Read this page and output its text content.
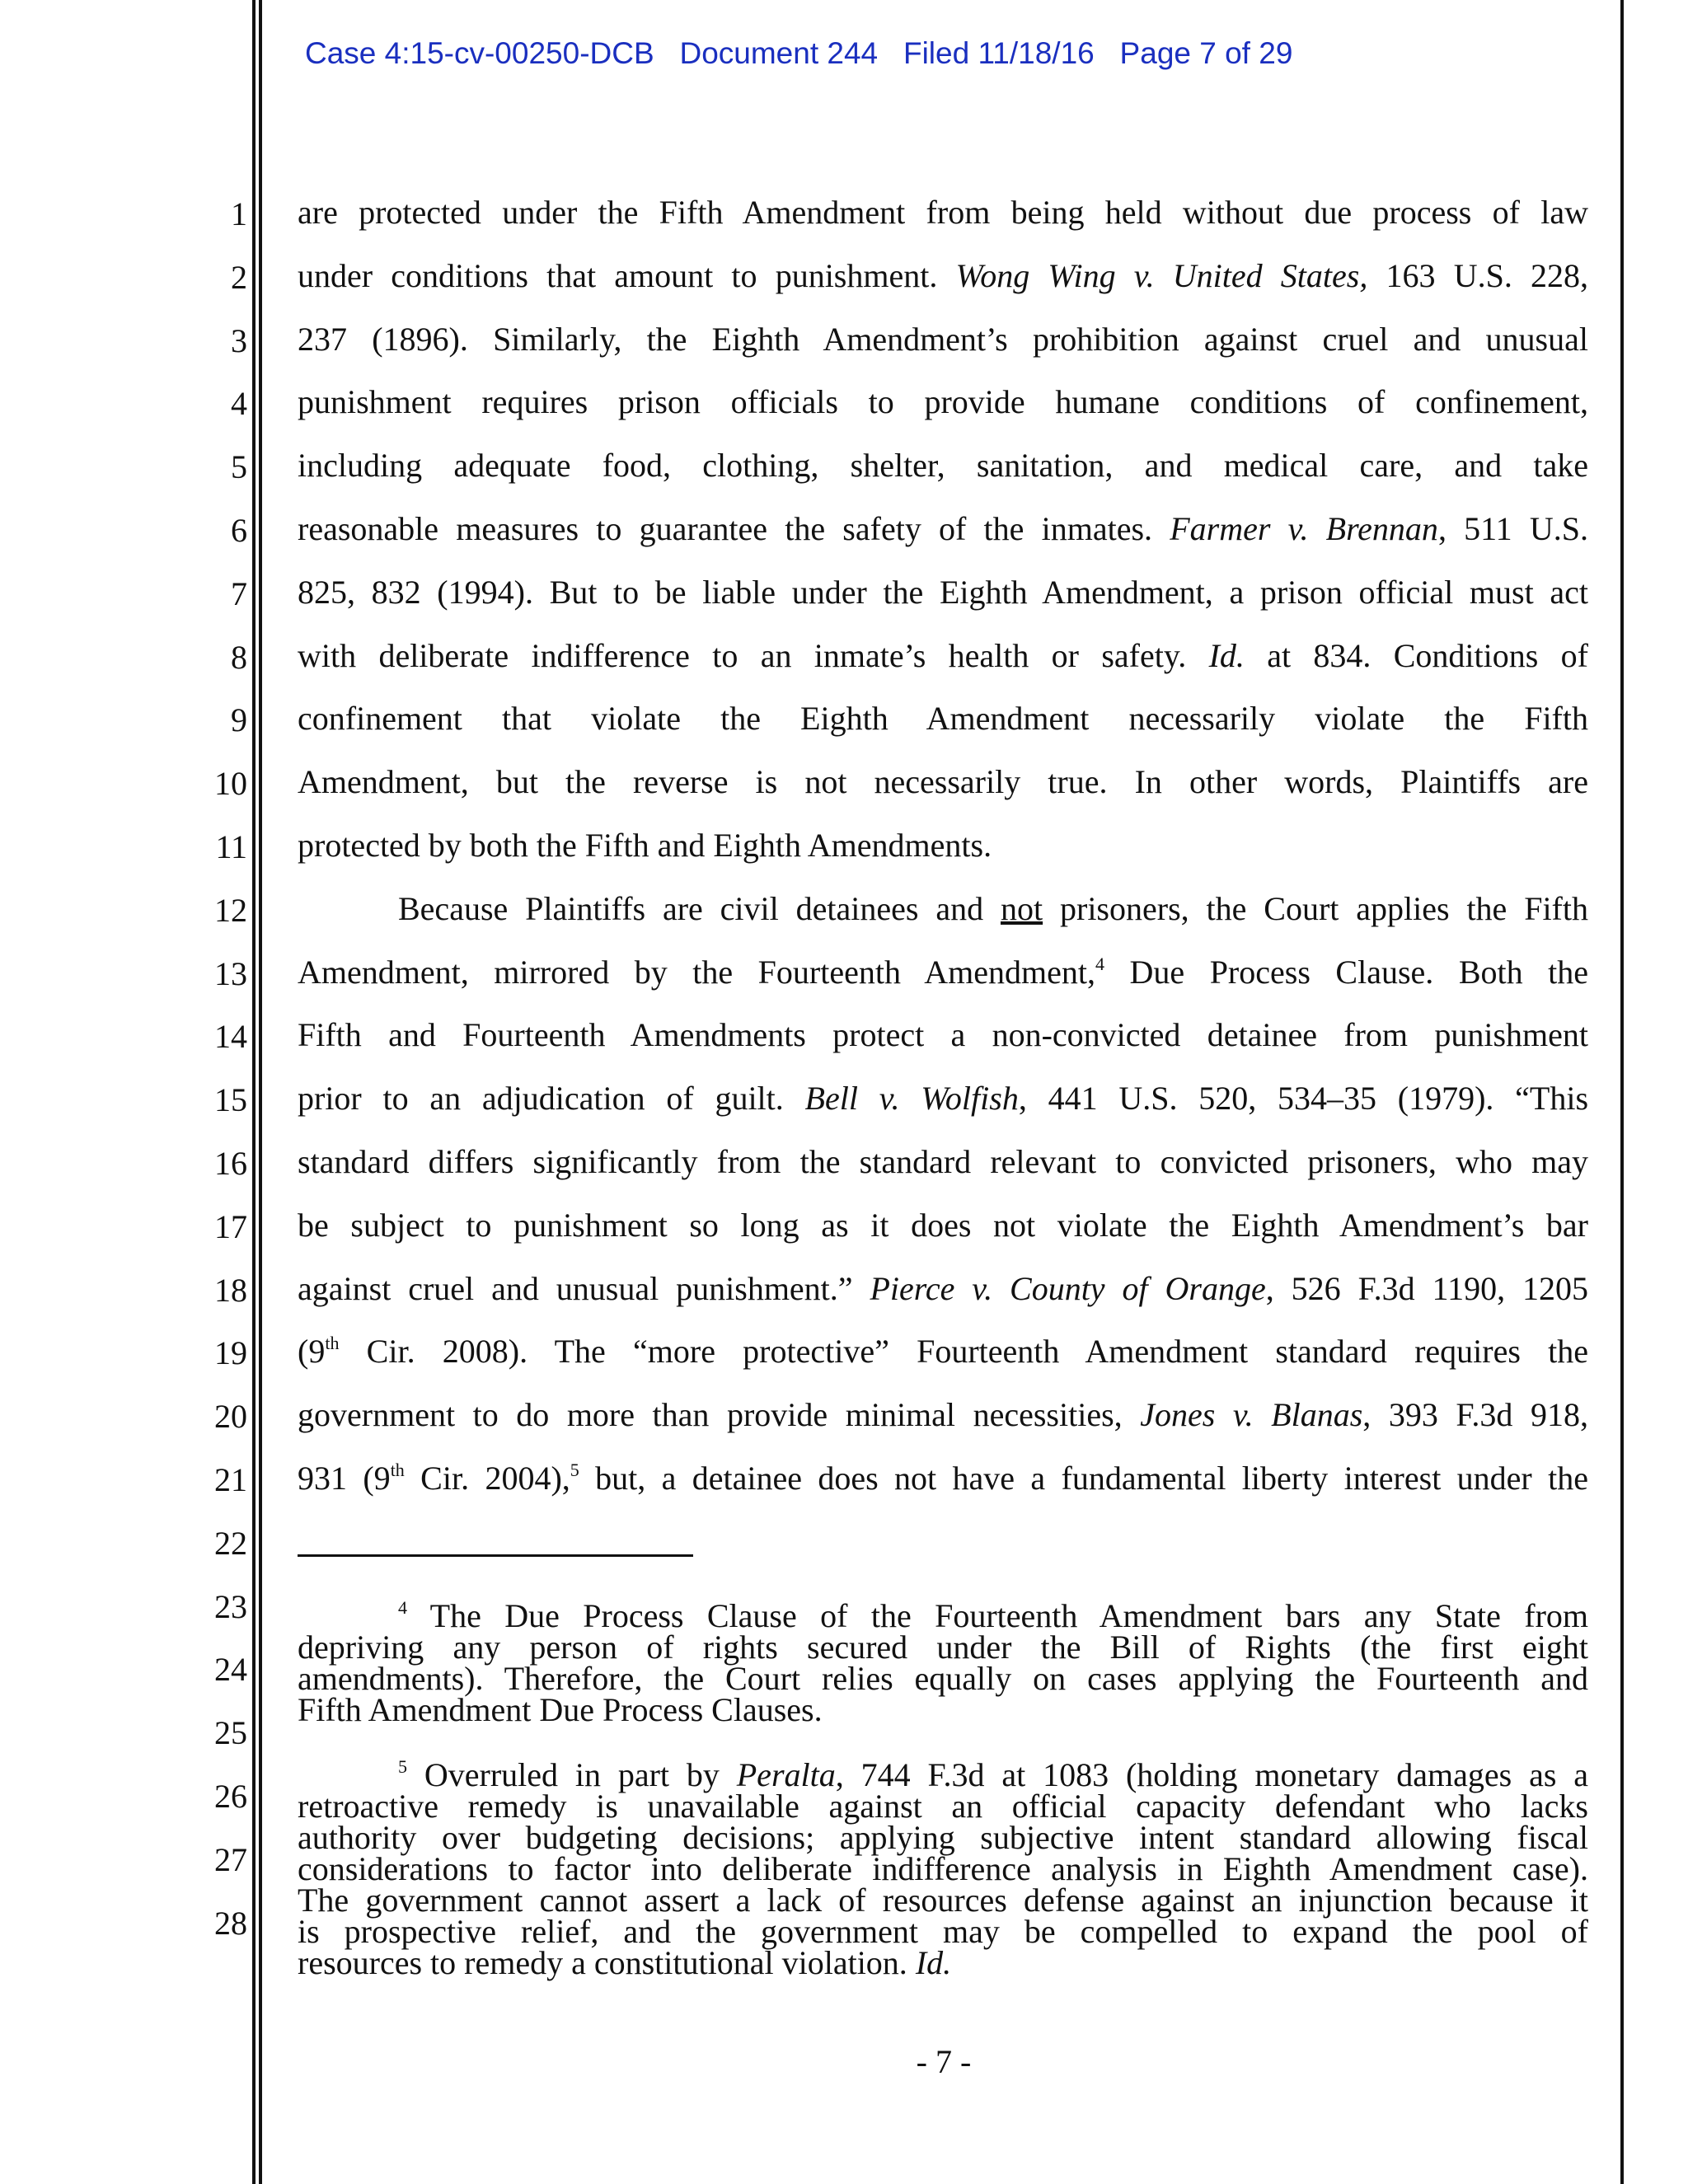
Case 4:15-cv-00250-DCB   Document 244   Filed 11/18/16   Page 7 of 29
1
2
3
4
5
6
7
8
9
10
11
12
13
14
15
16
17
18
19
20
21
22
23
24
25
26
27
28
are protected under the Fifth Amendment from being held without due process of law
under conditions that amount to punishment. Wong Wing v. United States, 163 U.S. 228,
237 (1896). Similarly, the Eighth Amendment’s prohibition against cruel and unusual
punishment requires prison officials to provide humane conditions of confinement,
including adequate food, clothing, shelter, sanitation, and medical care, and take
reasonable measures to guarantee the safety of the inmates. Farmer v. Brennan, 511 U.S.
825, 832 (1994). But to be liable under the Eighth Amendment, a prison official must act
with deliberate indifference to an inmate’s health or safety. Id. at 834. Conditions of
confinement that violate the Eighth Amendment necessarily violate the Fifth
Amendment, but the reverse is not necessarily true. In other words, Plaintiffs are
protected by both the Fifth and Eighth Amendments.
Because Plaintiffs are civil detainees and not prisoners, the Court applies the Fifth
Amendment, mirrored by the Fourteenth Amendment,$^4$ Due Process Clause. Both the
Fifth and Fourteenth Amendments protect a non-convicted detainee from punishment
prior to an adjudication of guilt. Bell v. Wolfish, 441 U.S. 520, 534–35 (1979). “This
standard differs significantly from the standard relevant to convicted prisoners, who may
be subject to punishment so long as it does not violate the Eighth Amendment’s bar
against cruel and unusual punishment.” Pierce v. County of Orange, 526 F.3d 1190, 1205
(9th Cir. 2008). The “more protective” Fourteenth Amendment standard requires the
government to do more than provide minimal necessities, Jones v. Blanas, 393 F.3d 918,
931 (9th Cir. 2004),$^5$ but, a detainee does not have a fundamental liberty interest under the
$^4$ The Due Process Clause of the Fourteenth Amendment bars any State from
depriving any person of rights secured under the Bill of Rights (the first eight
amendments). Therefore, the Court relies equally on cases applying the Fourteenth and
Fifth Amendment Due Process Clauses.
$^5$ Overruled in part by Peralta, 744 F.3d at 1083 (holding monetary damages as a
retroactive remedy is unavailable against an official capacity defendant who lacks
authority over budgeting decisions; applying subjective intent standard allowing fiscal
considerations to factor into deliberate indifference analysis in Eighth Amendment case).
The government cannot assert a lack of resources defense against an injunction because it
is prospective relief, and the government may be compelled to expand the pool of
resources to remedy a constitutional violation. Id.
- 7 -
